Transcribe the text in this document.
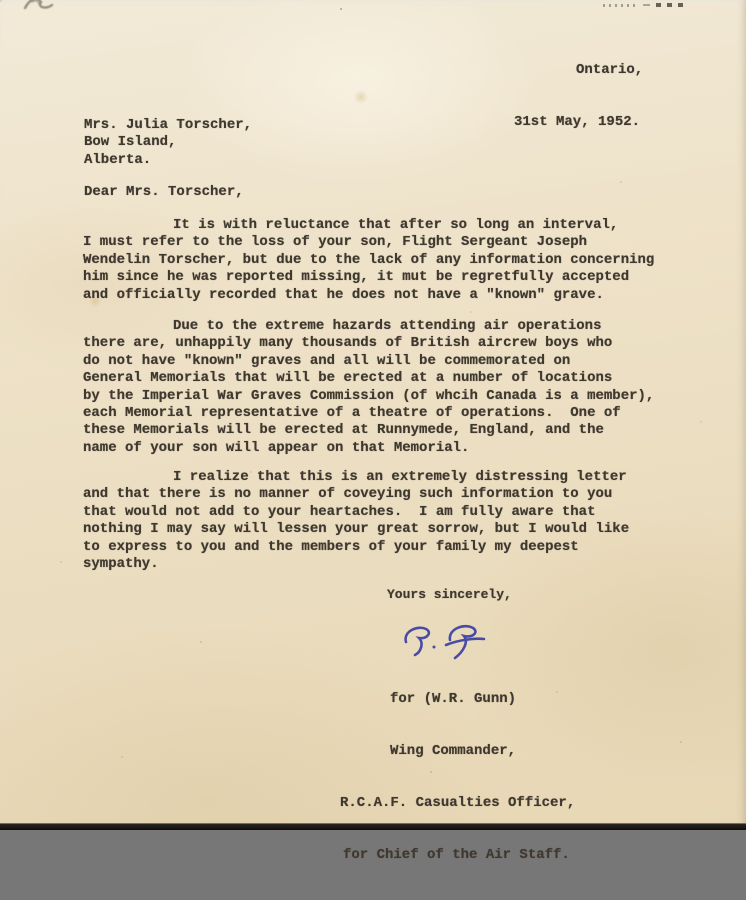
Ontario,

31st May, 1952.

Mrs. Julia Torscher,
Bow Island,
Alberta.
Dear Mrs. Torscher,
It is with reluctance that after so long an interval,
I must refer to the loss of your son, Flight Sergeant Joseph
Wendelin Torscher, but due to the lack of any information concerning
him since he was reported missing, it mut be regretfully accepted
and officially recorded that he does not have a "known" grave.
Due to the extreme hazards attending air operations
there are, unhappily many thousands of British aircrew boys who
do not have "known" graves and all will be commemorated on
General Memorials that will be erected at a number of locations
by the Imperial War Graves Commission (of whcih Canada is a member),
each Memorial representative of a theatre of operations.  One of
these Memorials will be erected at Runnymede, England, and the
name of your son will appear on that Memorial.
I realize that this is an extremely distressing letter
and that there is no manner of coveying such information to you
that would not add to your heartaches.  I am fully aware that
nothing I may say will lessen your great sorrow, but I would like
to express to you and the members of your family my deepest
sympathy.
Yours sincerely,

for (W.R. Gunn)

Wing Commander,

R.C.A.F. Casualties Officer,

for Chief of the Air Staff.
